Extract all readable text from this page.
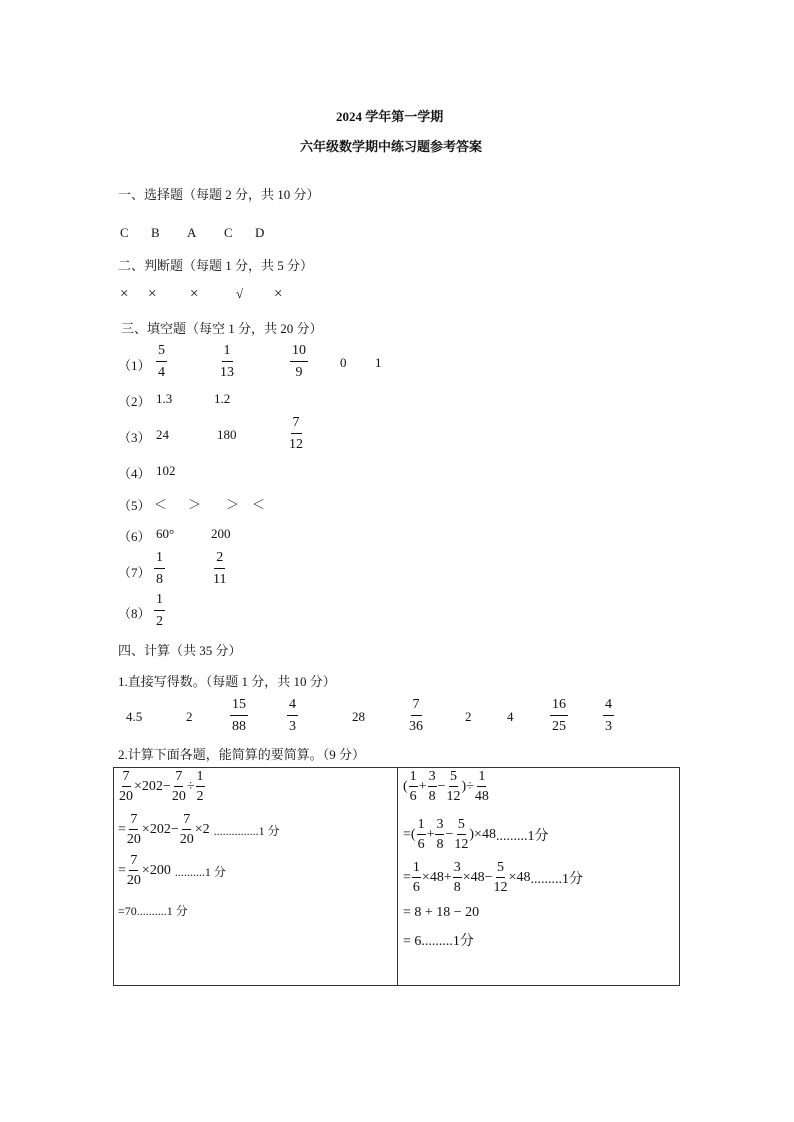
2024 学年第一学期
六年级数学期中练习题参考答案
一、选择题（每题 2 分，共 10 分）
C B A C D
二、判断题（每题 1 分，共 5 分）
× × ×	√ ×
三、填空题（每空 1 分，共 20 分）
$(1) \frac{5}{4}$	$\frac{1}{13}$	$\frac{10}{9} 0$ 1
（2） 1.3	1.2
（3） 24	180	$\frac{7}{12}$
（4） 102
（5） ＜ ＞ ＞ ＜
（6） 60°	200
$(7) \frac{1}{8}$	$\frac{2}{11}$
$(8) \frac{1}{2}$
四、计算（共 35 分）
1.直接写得数。（每题 1 分，共 10 分）
4.5	2	$\frac{15}{88}$	$\frac{4}{3}$	28	$\frac{7}{36}$	2	4	$\frac{16}{25}$	$\frac{4}{3}$
2.计算下面各题，能简算的要简算。（9 分）
$\frac{7}{20} \times 202 - \frac{7}{20} \div \frac{1}{2}$
= $\frac{7}{20} \times 202 - \frac{7}{20} \times 2$ ...............1 分
= $\frac{7}{20} \times 200$ ..........1 分
=70..........1 分
(
1
6
+ $\frac{3}{8} - \frac{5}{12}$ )÷ $\frac{1}{48}$
=(
1
6
+ $\frac{3}{8} - \frac{5}{12}$ )× 48 .........1分
= $\frac{1}{6} \times 48 + \frac{3}{8} \times 48 - \frac{5}{12} \times 48$ .........1分
= 8 + 18 − 20
= 6.........1分
